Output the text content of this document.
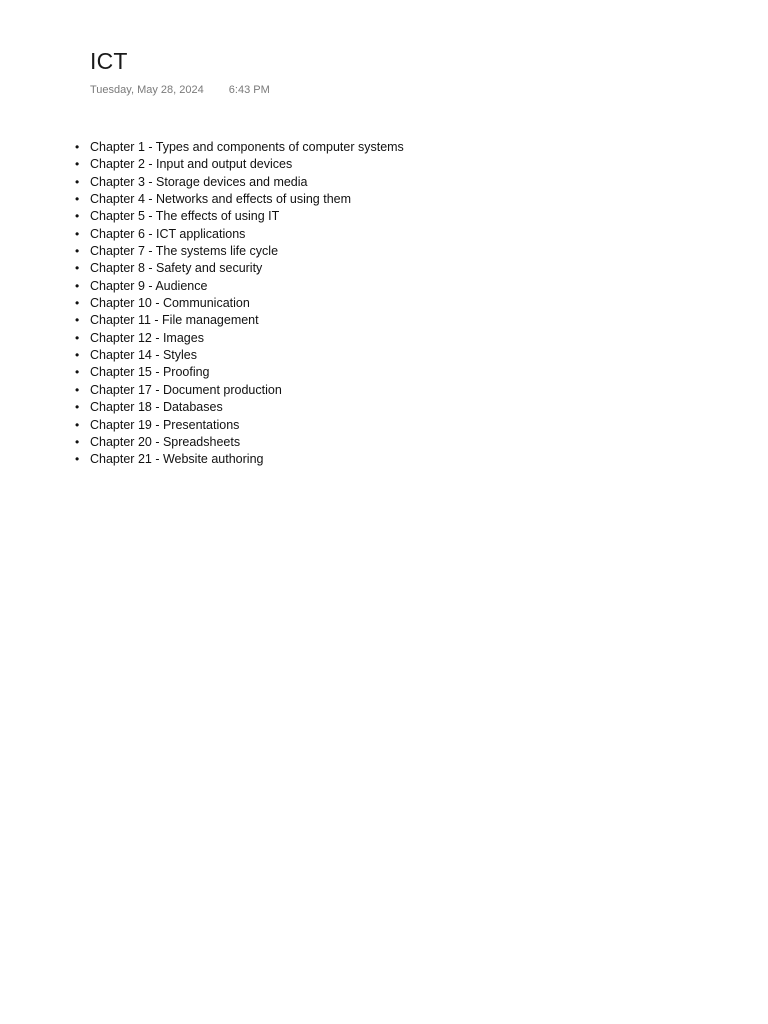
ICT
Tuesday, May 28, 2024 6:43 PM
• Chapter 1 - Types and components of computer systems
• Chapter 2 - Input and output devices
• Chapter 3 - Storage devices and media
• Chapter 4 - Networks and effects of using them
• Chapter 5 - The effects of using IT
• Chapter 6 - ICT applications
• Chapter 7 - The systems life cycle
• Chapter 8 - Safety and security
• Chapter 9 - Audience
• Chapter 10 - Communication
• Chapter 11 - File management
• Chapter 12 - Images
• Chapter 14 - Styles
• Chapter 15 - Proofing
• Chapter 17 - Document production
• Chapter 18 - Databases
• Chapter 19 - Presentations
• Chapter 20 - Spreadsheets
• Chapter 21 - Website authoring
